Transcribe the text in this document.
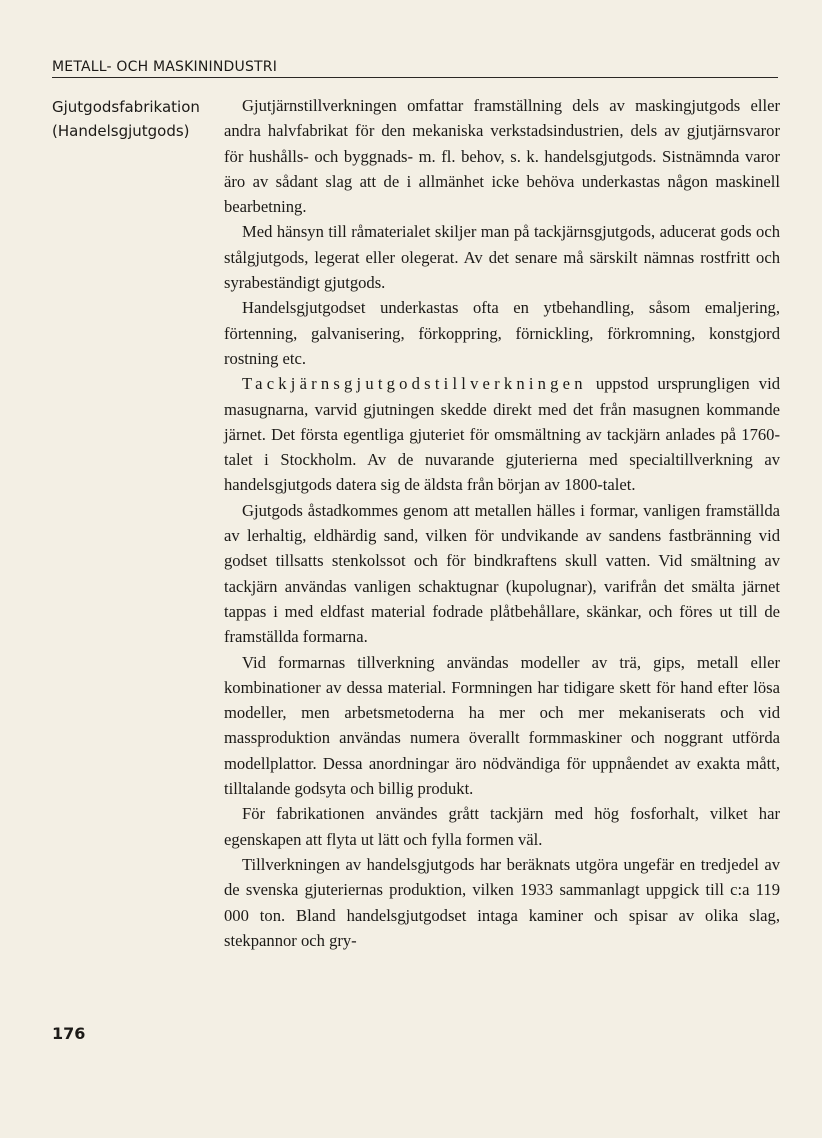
METALL- OCH MASKININDUSTRI
Gjutgodsfabrikation
(Handelsgjutgods)
176

Gjutjärnstillverkningen omfattar framställning dels av maskingjutgods eller andra halvfabrikat för den mekaniska verkstadsindustrien, dels av gjutjärnsvaror för hushålls- och byggnads- m. fl. behov, s. k. handelsgjutgods. Sistnämnda varor äro av sådant slag att de i allmänhet icke behöva underkastas någon maskinell bearbetning.

Med hänsyn till råmaterialet skiljer man på tackjärnsgjutgods, aducerat gods och stålgjutgods, legerat eller olegerat. Av det senare må särskilt nämnas rostfritt och syrabeständigt gjutgods.

Handelsgjutgodset underkastas ofta en ytbehandling, såsom emaljering, förtenning, galvanisering, förkoppring, förnickling, förkromning, konstgjord rostning etc.

Tackjärnsgjutgodstillverkningen uppstod ursprungligen vid masugnarna, varvid gjutningen skedde direkt med det från masugnen kommande järnet. Det första egentliga gjuteriet för omsmältning av tackjärn anlades på 1760-talet i Stockholm. Av de nuvarande gjuterierna med specialtillverkning av handelsgjutgods datera sig de äldsta från början av 1800-talet.

Gjutgods åstadkommes genom att metallen hälles i formar, vanligen framställda av lerhaltig, eldhärdig sand, vilken för undvikande av sandens fastbränning vid godset tillsatts stenkolssot och för bindkraftens skull vatten. Vid smältning av tackjärn användas vanligen schaktugnar (kupolugnar), varifrån det smälta järnet tappas i med eldfast material fodrade plåtbehållare, skänkar, och föres ut till de framställda formarna.

Vid formarnas tillverkning användas modeller av trä, gips, metall eller kombinationer av dessa material. Formningen har tidigare skett för hand efter lösa modeller, men arbetsmetoderna ha mer och mer mekaniserats och vid massproduktion användas numera överallt formmaskiner och noggrant utförda modellplattor. Dessa anordningar äro nödvändiga för uppnåendet av exakta mått, tilltalande godsyta och billig produkt.

För fabrikationen användes grått tackjärn med hög fosforhalt, vilket har egenskapen att flyta ut lätt och fylla formen väl.

Tillverkningen av handelsgjutgods har beräknats utgöra ungefär en tredjedel av de svenska gjuteriernas produktion, vilken 1933 sammanlagt uppgick till c:a 119 000 ton. Bland handelsgjutgodset intaga kaminer och spisar av olika slag, stekpannor och gry-
